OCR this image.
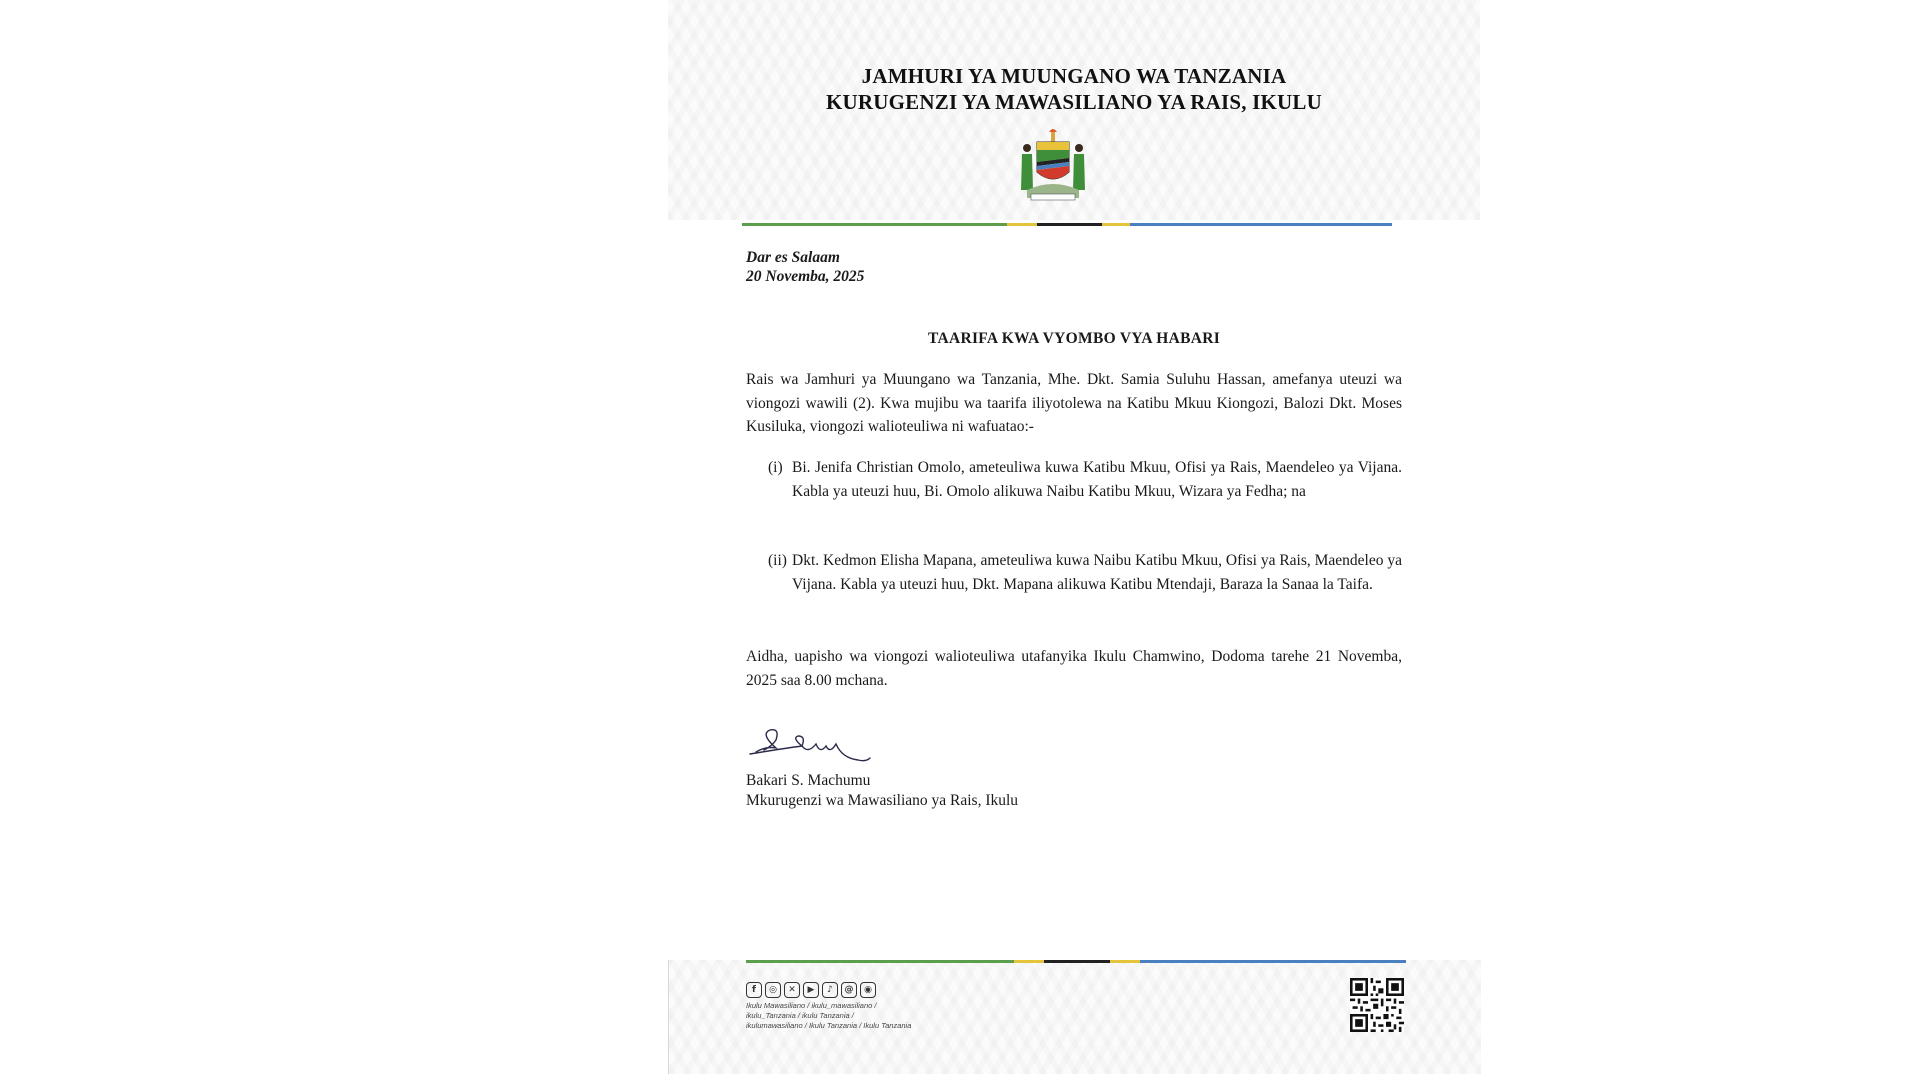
JAMHURI YA MUUNGANO WA TANZANIA
KURUGENZI YA MAWASILIANO YA RAIS, IKULU
Dar es Salaam
20 Novemba, 2025
TAARIFA KWA VYOMBO VYA HABARI
Rais wa Jamhuri ya Muungano wa Tanzania, Mhe. Dkt. Samia Suluhu Hassan, amefanya uteuzi wa viongozi wawili (2). Kwa mujibu wa taarifa iliyotolewa na Katibu Mkuu Kiongozi, Balozi Dkt. Moses Kusiluka, viongozi walioteuliwa ni wafuatao:-
(i) Bi. Jenifa Christian Omolo, ameteuliwa kuwa Katibu Mkuu, Ofisi ya Rais, Maendeleo ya Vijana. Kabla ya uteuzi huu, Bi. Omolo alikuwa Naibu Katibu Mkuu, Wizara ya Fedha; na
(ii) Dkt. Kedmon Elisha Mapana, ameteuliwa kuwa Naibu Katibu Mkuu, Ofisi ya Rais, Maendeleo ya Vijana. Kabla ya uteuzi huu, Dkt. Mapana alikuwa Katibu Mtendaji, Baraza la Sanaa la Taifa.
Aidha, uapisho wa viongozi walioteuliwa utafanyika Ikulu Chamwino, Dodoma tarehe 21 Novemba, 2025 saa 8.00 mchana.
Bakari S. Machumu
Mkurugenzi wa Mawasiliano ya Rais, Ikulu
f	◎	✕	▶	♪	@	◉
Ikulu Mawasiliano / ikulu_mawasiliano /
ikulu_Tanzania / ikulu Tanzania /
ikulumawasiliano / Ikulu Tanzania / Ikulu Tanzania
